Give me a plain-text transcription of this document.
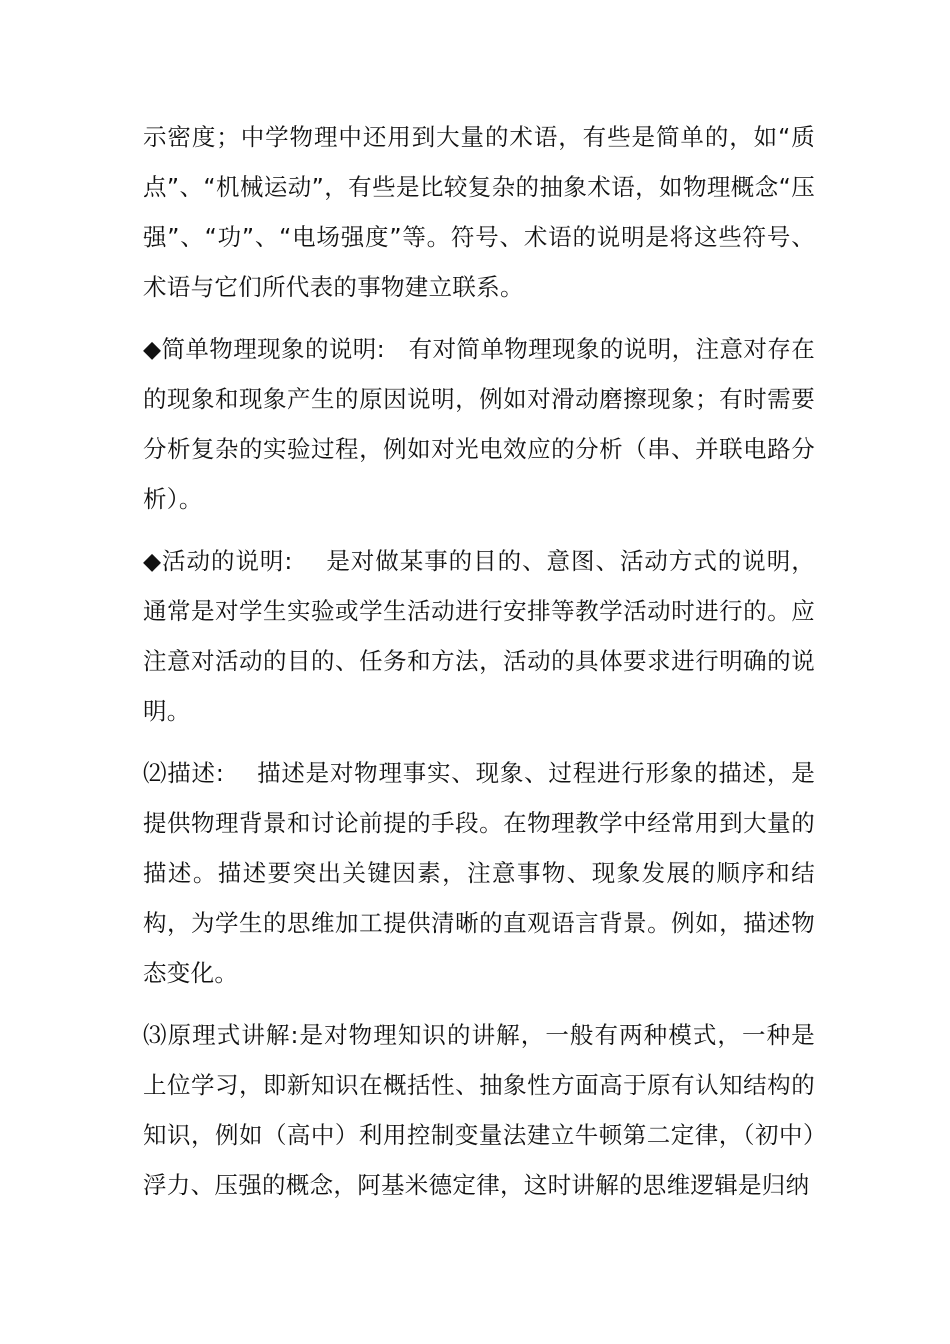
示密度；中学物理中还用到大量的术语，有些是简单的，如“质点”、“机械运动”，有些是比较复杂的抽象术语，如物理概念“压强”、“功”、“电场强度”等。符号、术语的说明是将这些符号、术语与它们所代表的事物建立联系。

◆简单物理现象的说明:   有对简单物理现象的说明，注意对存在的现象和现象产生的原因说明，例如对滑动磨擦现象；有时需要分析复杂的实验过程，例如对光电效应的分析（串、并联电路分析）。

◆活动的说明:    是对做某事的目的、意图、活动方式的说明，通常是对学生实验或学生活动进行安排等教学活动时进行的。应注意对活动的目的、任务和方法，活动的具体要求进行明确的说明。

⑵描述:    描述是对物理事实、现象、过程进行形象的描述，是提供物理背景和讨论前提的手段。在物理教学中经常用到大量的描述。描述要突出关键因素，注意事物、现象发展的顺序和结构，为学生的思维加工提供清晰的直观语言背景。例如，描述物态变化。

⑶原理式讲解:是对物理知识的讲解，一般有两种模式，一种是上位学习，即新知识在概括性、抽象性方面高于原有认知结构的知识，例如（高中）利用控制变量法建立牛顿第二定律，（初中）浮力、压强的概念，阿基米德定律，这时讲解的思维逻辑是归纳
